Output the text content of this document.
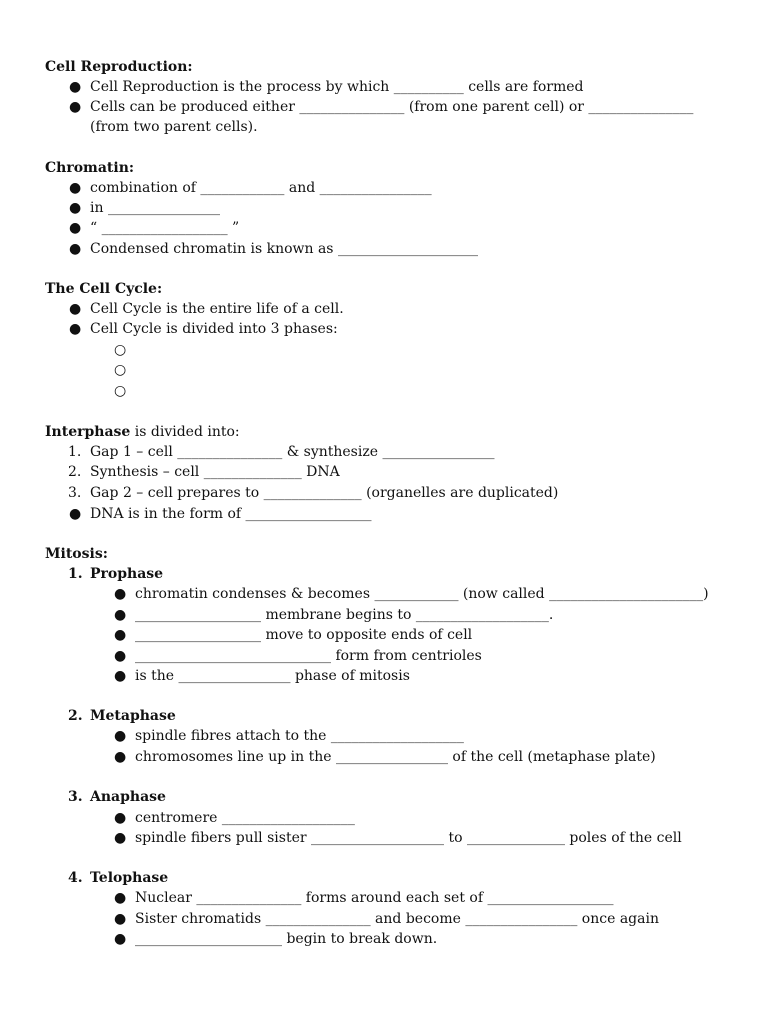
Cell Reproduction:
● Cell Reproduction is the process by which __________ cells are formed
● Cells can be produced either _______________ (from one parent cell) or _______________
(from two parent cells).
Chromatin:
● combination of ____________ and ________________
● in ________________
● “ __________________ ”
● Condensed chromatin is known as ____________________
The Cell Cycle:
● Cell Cycle is the entire life of a cell.
● Cell Cycle is divided into 3 phases:
○
○
○
Interphase is divided into:
1. Gap 1 – cell _______________ & synthesize ________________
2. Synthesis – cell ______________ DNA
3. Gap 2 – cell prepares to ______________ (organelles are duplicated)
● DNA is in the form of __________________
Mitosis:
1. Prophase
● chromatin condenses & becomes ____________ (now called ______________________)
● __________________ membrane begins to ___________________.
● __________________ move to opposite ends of cell
● ____________________________ form from centrioles
● is the ________________ phase of mitosis
2. Metaphase
● spindle fibres attach to the ___________________
● chromosomes line up in the ________________ of the cell (metaphase plate)
3. Anaphase
● centromere ___________________
● spindle fibers pull sister ___________________ to ______________ poles of the cell
4. Telophase
● Nuclear _______________ forms around each set of __________________
● Sister chromatids _______________ and become ________________ once again
● _____________________ begin to break down.
